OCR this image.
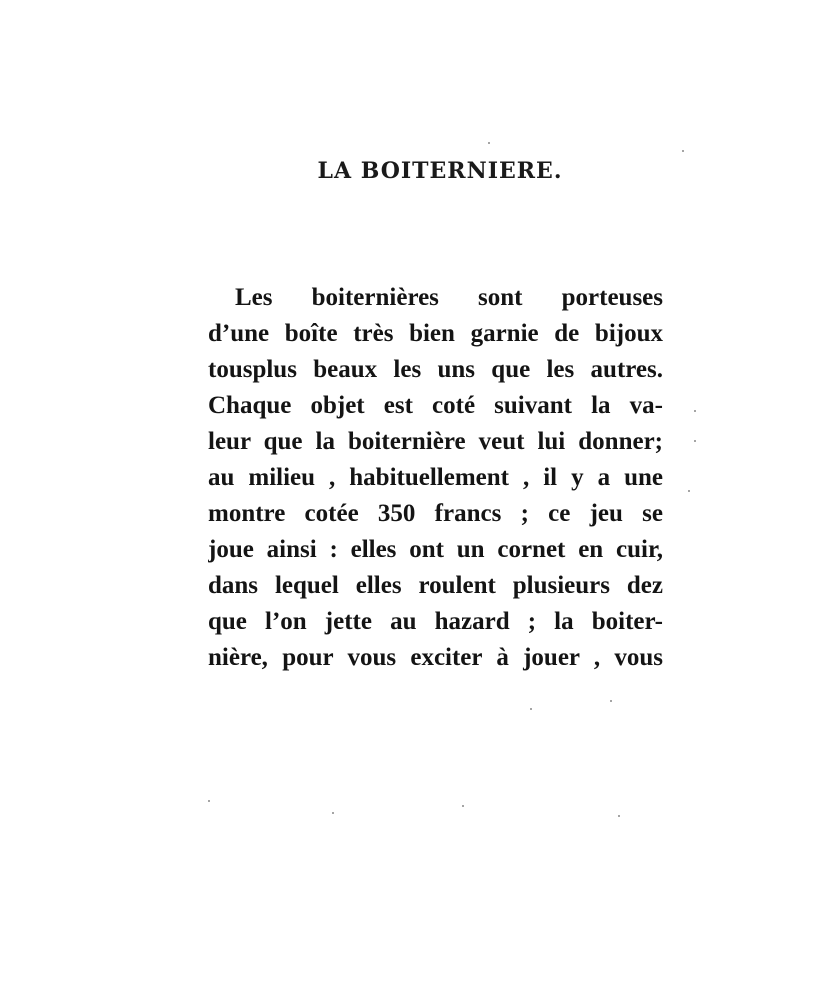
LA BOITERNIERE.
Les boiternières sont porteuses
d’une boîte très bien garnie de bijoux
tousplus beaux les uns que les autres.
Chaque objet est coté suivant la va-
leur que la boiternière veut lui donner;
au milieu , habituellement , il y a une
montre cotée 350 francs ; ce jeu se
joue ainsi : elles ont un cornet en cuir,
dans lequel elles roulent plusieurs dez
que l’on jette au hazard ; la boiter-
nière, pour vous exciter à jouer , vous
